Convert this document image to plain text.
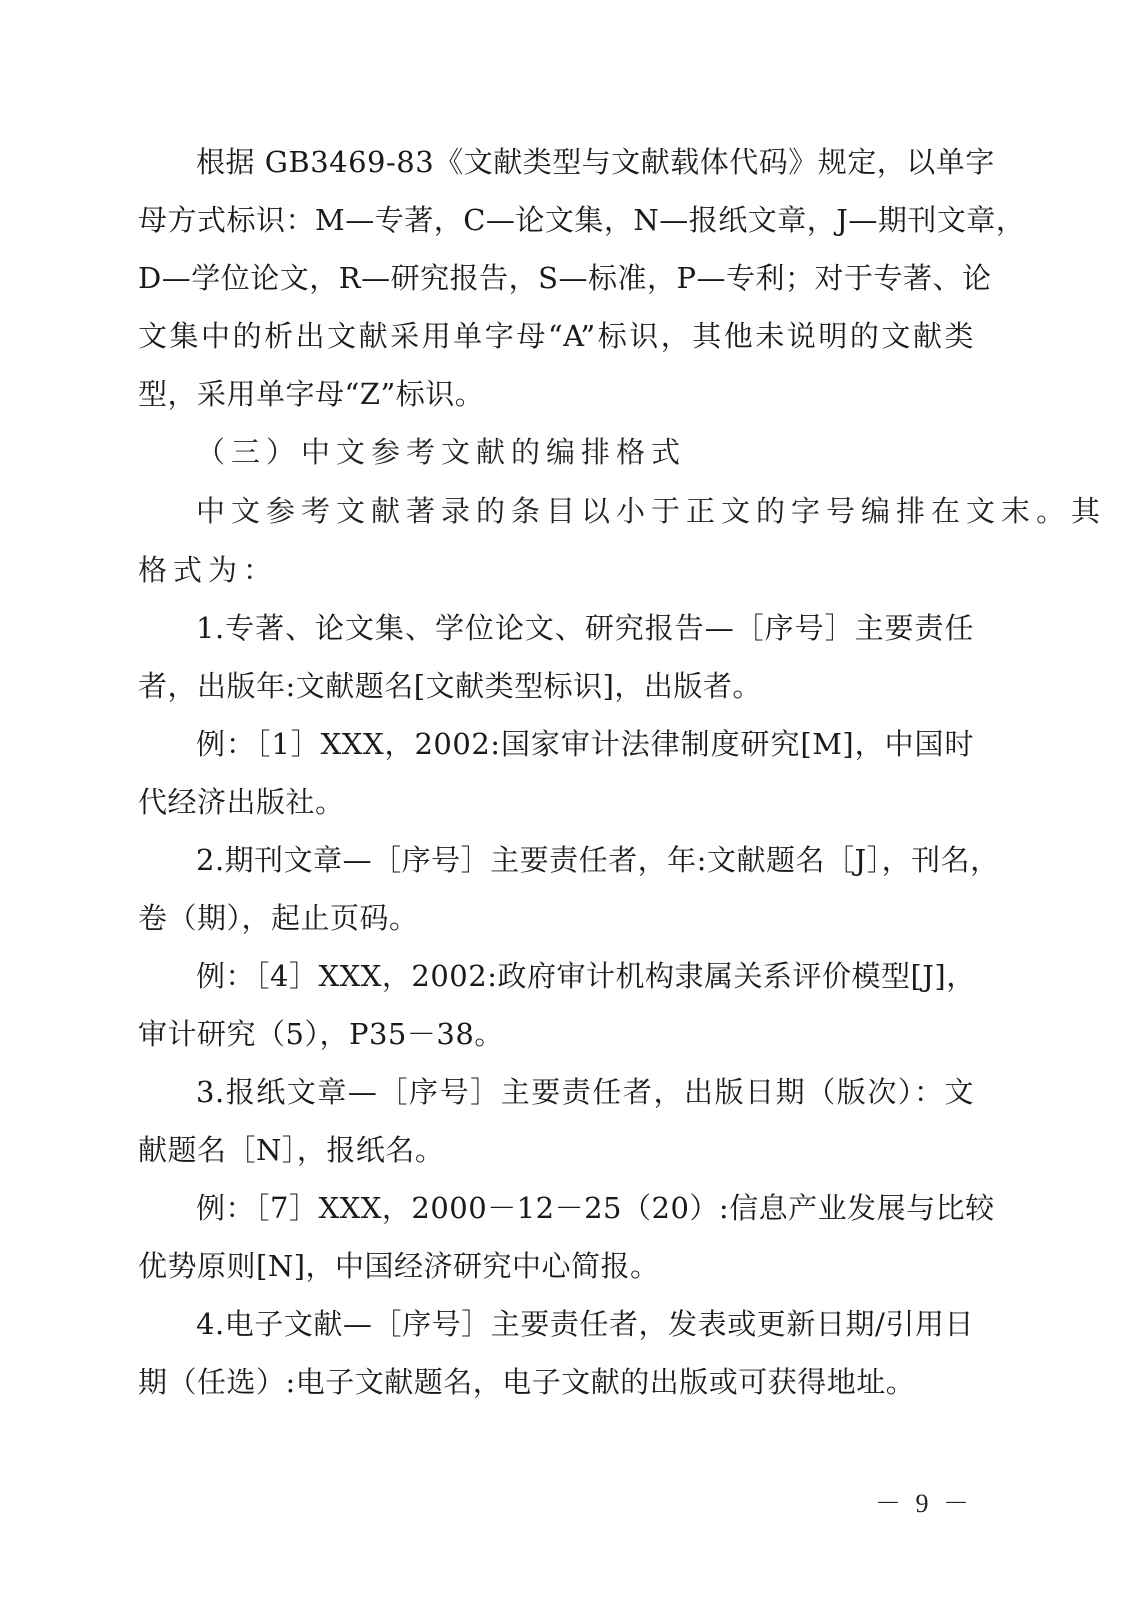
根据 GB3469-83《文献类型与文献载体代码》规定，以单字
母方式标识：M—专著，C—论文集，N—报纸文章，J—期刊文章，
D—学位论文，R—研究报告，S—标准，P—专利；对于专著、论
文集中的析出文献采用单字母“A”标识，其他未说明的文献类
型，采用单字母“Z”标识。
（三）中文参考文献的编排格式
中文参考文献著录的条目以小于正文的字号编排在文末。其
格式为：
1.专著、论文集、学位论文、研究报告—［序号］主要责任
者，出版年:文献题名[文献类型标识]，出版者。
例：［1］XXX，2002:国家审计法律制度研究[M]，中国时
代经济出版社。
2.期刊文章—［序号］主要责任者，年:文献题名［J］，刊名，
卷（期），起止页码。
例：［4］XXX，2002:政府审计机构隶属关系评价模型[J]，
审计研究（5），P35－38。
3.报纸文章—［序号］主要责任者，出版日期（版次）：文
献题名［N］，报纸名。
例：［7］XXX，2000－12－25（20）:信息产业发展与比较
优势原则[N]，中国经济研究中心简报。
4.电子文献—［序号］主要责任者，发表或更新日期/引用日
期（任选）:电子文献题名，电子文献的出版或可获得地址。
－ 9 －
